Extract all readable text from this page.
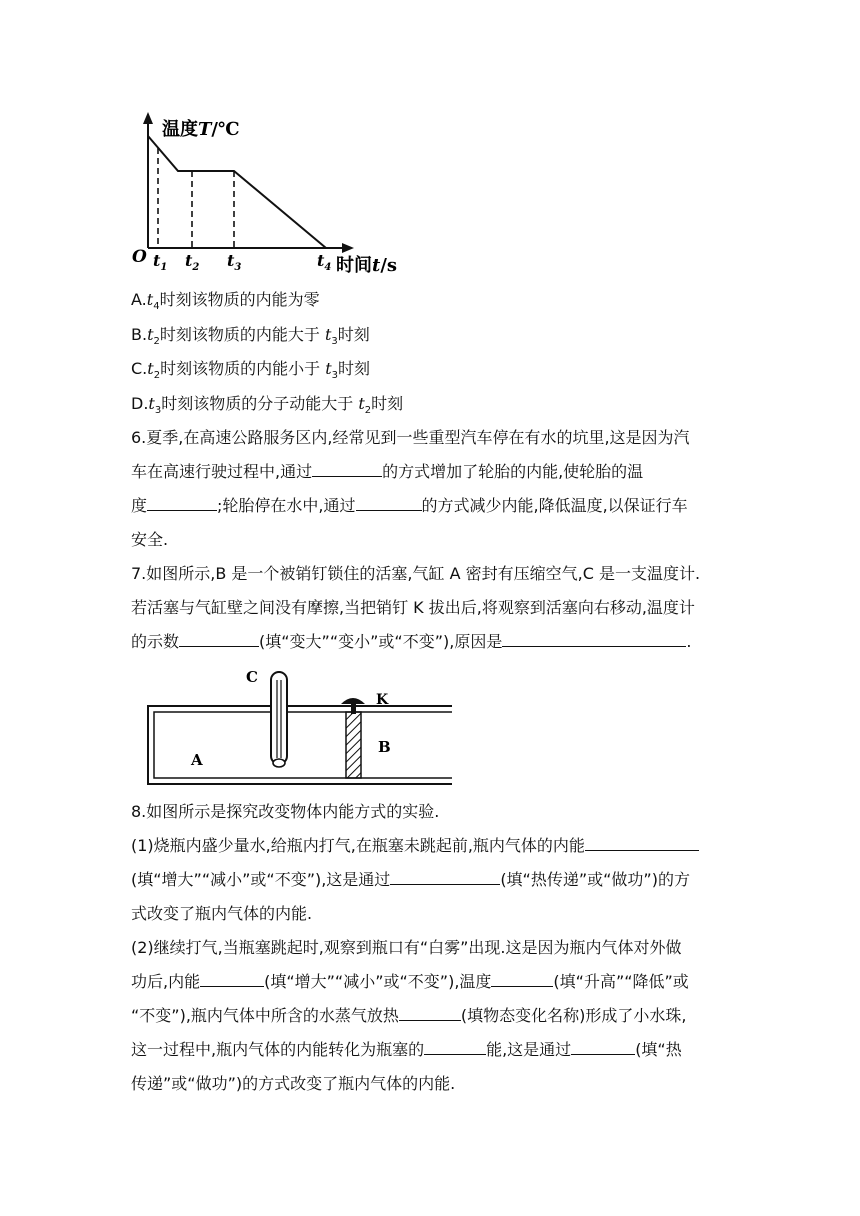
温度T/℃
O $t_1$ $t_2$ $t_3$	$t_4$ 时间t/s
$A.t_4$时刻该物质的内能为零
$B.t_2$时刻该物质的内能大于 $t_3$时刻
$C.t_2$时刻该物质的内能小于 $t_3$时刻
$D.t_3$时刻该物质的分子动能大于 $t_2$时刻
6.夏季,在高速公路服务区内,经常见到一些重型汽车停在有水的坑里,这是因为汽
车在高速行驶过程中,通过	的方式增加了轮胎的内能,使轮胎的温
度	;轮胎停在水中,通过	的方式减少内能,降低温度,以保证行车
安全.
7.如图所示,B 是一个被销钉锁住的活塞,气缸 A 密封有压缩空气,C 是一支温度计.
若活塞与气缸壁之间没有摩擦,当把销钉 K 拔出后,将观察到活塞向右移动,温度计
的示数	(填“变大”“变小”或“不变”),原因是	.
C
K
A
B
8.如图所示是探究改变物体内能方式的实验.
(1)烧瓶内盛少量水,给瓶内打气,在瓶塞未跳起前,瓶内气体的内能
(填“增大”“减小”或“不变”),这是通过	(填“热传递”或“做功”)的方
式改变了瓶内气体的内能.
(2)继续打气,当瓶塞跳起时,观察到瓶口有“白雾”出现.这是因为瓶内气体对外做
功后,内能	(填“增大”“减小”或“不变”),温度	(填“升高”“降低”或
“不变”),瓶内气体中所含的水蒸气放热	(填物态变化名称)形成了小水珠,
这一过程中,瓶内气体的内能转化为瓶塞的	能,这是通过	(填“热
传递”或“做功”)的方式改变了瓶内气体的内能.
